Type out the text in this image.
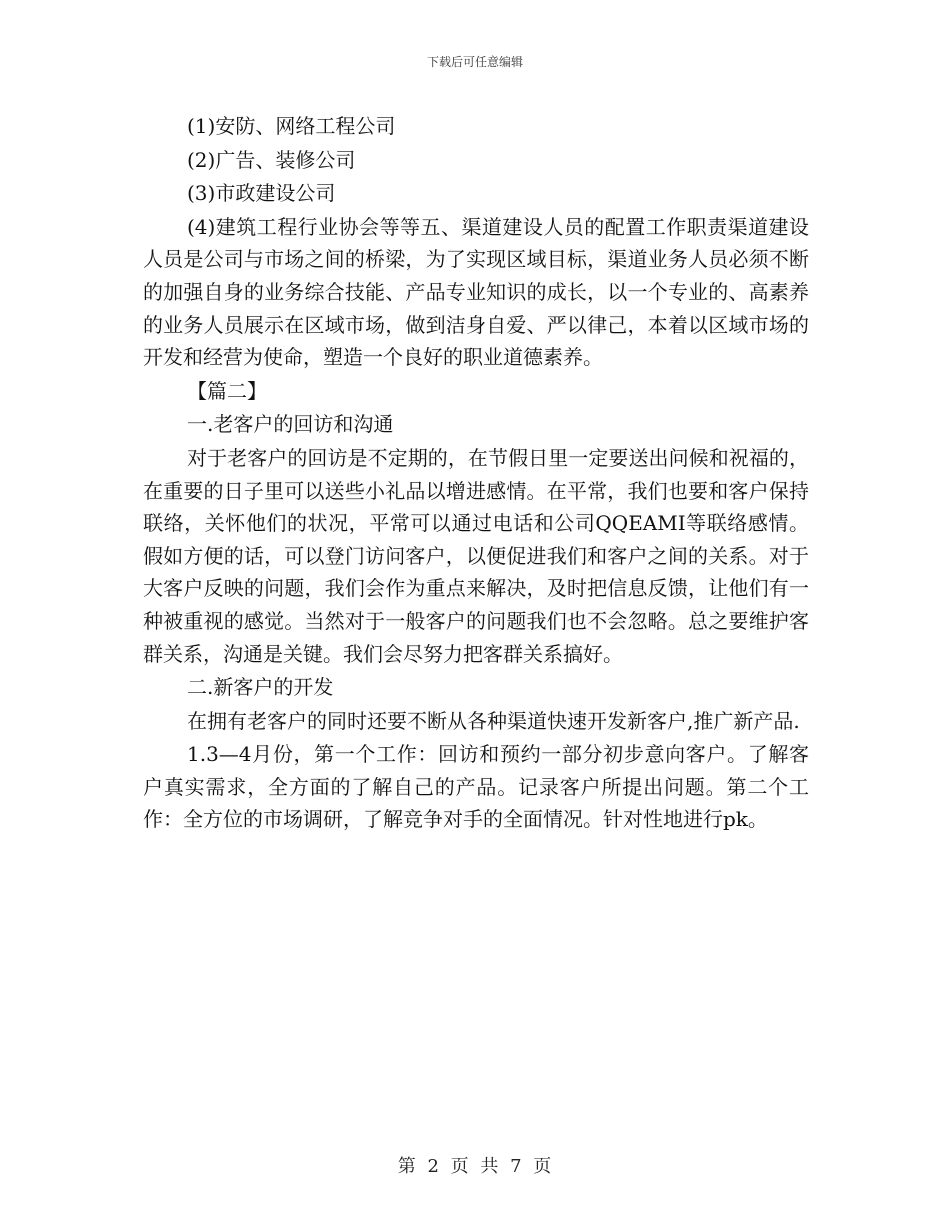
下载后可任意编辑

(1)安防、网络工程公司

(2)广告、装修公司

(3)市政建设公司

(4)建筑工程行业协会等等五、渠道建设人员的配置工作职责渠道建设人员是公司与市场之间的桥梁，为了实现区域目标，渠道业务人员必须不断的加强自身的业务综合技能、产品专业知识的成长，以一个专业的、高素养的业务人员展示在区域市场，做到洁身自爱、严以律己，本着以区域市场的开发和经营为使命，塑造一个良好的职业道德素养。

【篇二】

一.老客户的回访和沟通

对于老客户的回访是不定期的，在节假日里一定要送出问候和祝福的，在重要的日子里可以送些小礼品以增进感情。在平常，我们也要和客户保持联络，关怀他们的状况，平常可以通过电话和公司QQEAMI等联络感情。假如方便的话，可以登门访问客户，以便促进我们和客户之间的关系。对于大客户反映的问题，我们会作为重点来解决，及时把信息反馈，让他们有一种被重视的感觉。当然对于一般客户的问题我们也不会忽略。总之要维护客群关系，沟通是关键。我们会尽努力把客群关系搞好。

二.新客户的开发

在拥有老客户的同时还要不断从各种渠道快速开发新客户,推广新产品.

1.3—4月份，第一个工作：回访和预约一部分初步意向客户。了解客户真实需求，全方面的了解自己的产品。记录客户所提出问题。第二个工作：全方位的市场调研，了解竞争对手的全面情况。针对性地进行pk。

第 2 页 共 7 页
